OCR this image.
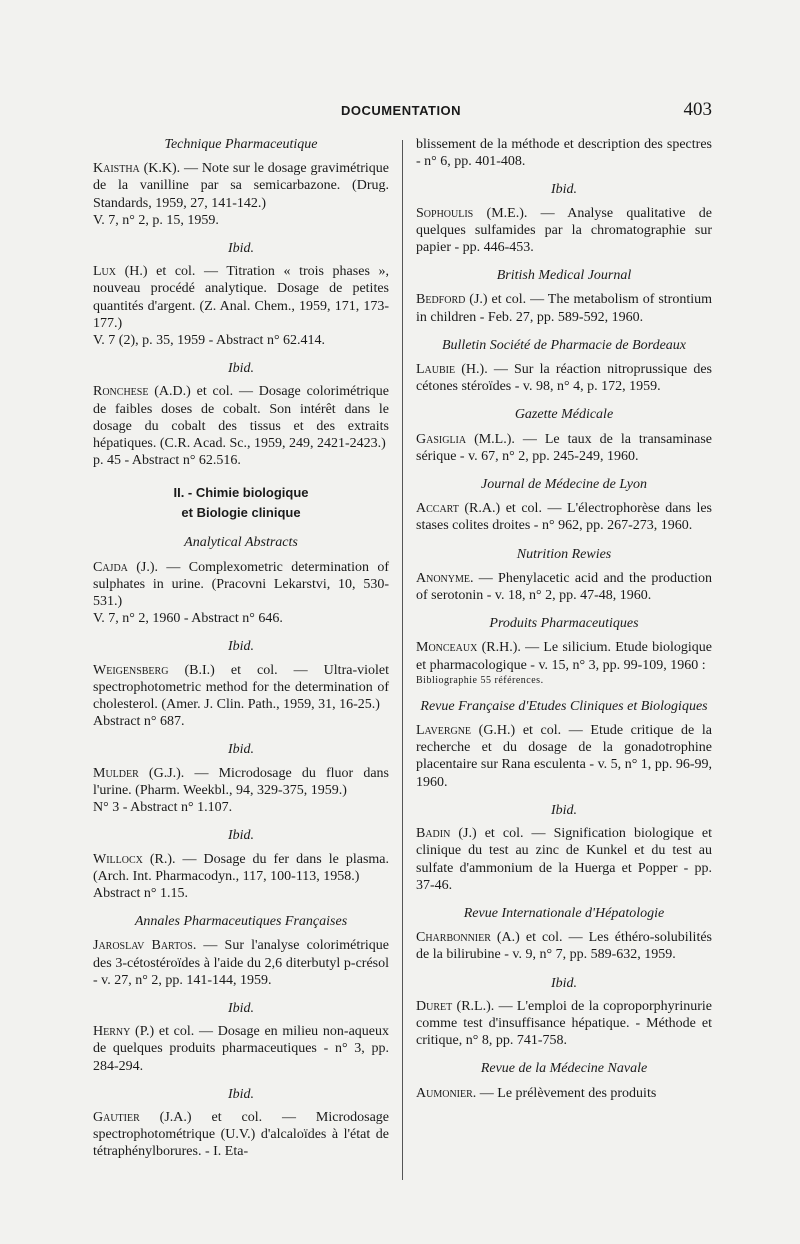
DOCUMENTATION	403
Technique Pharmaceutique

Kaistha (K.K). — Note sur le dosage gravimétrique de la vanilline par sa semicarbazone. (Drug. Standards, 1959, 27, 141-142.)
V. 7, n° 2, p. 15, 1959.

Ibid.

Lux (H.) et col. — Titration « trois phases », nouveau procédé analytique. Dosage de petites quantités d'argent. (Z. Anal. Chem., 1959, 171, 173-177.)
V. 7 (2), p. 35, 1959 - Abstract n° 62.414.

Ibid.

Ronchese (A.D.) et col. — Dosage colorimétrique de faibles doses de cobalt. Son intérêt dans le dosage du cobalt des tissus et des extraits hépatiques. (C.R. Acad. Sc., 1959, 249, 2421-2423.)
p. 45 - Abstract n° 62.516.

II. - Chimie biologique
et Biologie clinique
Analytical Abstracts

Cajda (J.). — Complexometric determination of sulphates in urine. (Pracovni Lekarstvi, 10, 530-531.)
V. 7, n° 2, 1960 - Abstract n° 646.

Ibid.

Weigensberg (B.I.) et col. — Ultra-violet spectrophotometric method for the determination of cholesterol. (Amer. J. Clin. Path., 1959, 31, 16-25.)
Abstract n° 687.

Ibid.

Mulder (G.J.). — Microdosage du fluor dans l'urine. (Pharm. Weekbl., 94, 329-375, 1959.)
N° 3 - Abstract n° 1.107.

Ibid.

Willocx (R.). — Dosage du fer dans le plasma. (Arch. Int. Pharmacodyn., 117, 100-113, 1958.)
Abstract n° 1.15.

Annales Pharmaceutiques Françaises

Jaroslav Bartos. — Sur l'analyse colorimétrique des 3-cétostéroïdes à l'aide du 2,6 diterbutyl p-crésol - v. 27, n° 2, pp. 141-144, 1959.

Ibid.

Herny (P.) et col. — Dosage en milieu non-aqueux de quelques produits pharmaceutiques - n° 3, pp. 284-294.

Ibid.

Gautier (J.A.) et col. — Microdosage spectrophotométrique (U.V.) d'alcaloïdes à l'état de tétraphénylborures. - I. Eta-

blissement de la méthode et description des spectres - n° 6, pp. 401-408.

Ibid.

Sophoulis (M.E.). — Analyse qualitative de quelques sulfamides par la chromatographie sur papier - pp. 446-453.

British Medical Journal

Bedford (J.) et col. — The metabolism of strontium in children - Feb. 27, pp. 589-592, 1960.

Bulletin Société de Pharmacie de Bordeaux

Laubie (H.). — Sur la réaction nitroprussique des cétones stéroïdes - v. 98, n° 4, p. 172, 1959.

Gazette Médicale

Gasiglia (M.L.). — Le taux de la transaminase sérique - v. 67, n° 2, pp. 245-249, 1960.

Journal de Médecine de Lyon

Accart (R.A.) et col. — L'électrophorèse dans les stases colites droites - n° 962, pp. 267-273, 1960.

Nutrition Rewies

Anonyme. — Phenylacetic acid and the production of serotonin - v. 18, n° 2, pp. 47-48, 1960.

Produits Pharmaceutiques

Monceaux (R.H.). — Le silicium. Etude biologique et pharmacologique - v. 15, n° 3, pp. 99-109, 1960 :
Bibliographie 55 références.

Revue Française d'Etudes Cliniques et Biologiques

Lavergne (G.H.) et col. — Etude critique de la recherche et du dosage de la gonadotrophine placentaire sur Rana esculenta - v. 5, n° 1, pp. 96-99, 1960.

Ibid.

Badin (J.) et col. — Signification biologique et clinique du test au zinc de Kunkel et du test au sulfate d'ammonium de la Huerga et Popper - pp. 37-46.

Revue Internationale d'Hépatologie

Charbonnier (A.) et col. — Les éthéro-solubilités de la bilirubine - v. 9, n° 7, pp. 589-632, 1959.

Ibid.

Duret (R.L.). — L'emploi de la coproporphyrinurie comme test d'insuffisance hépatique. - Méthode et critique, n° 8, pp. 741-758.

Revue de la Médecine Navale

Aumonier. — Le prélèvement des produits
